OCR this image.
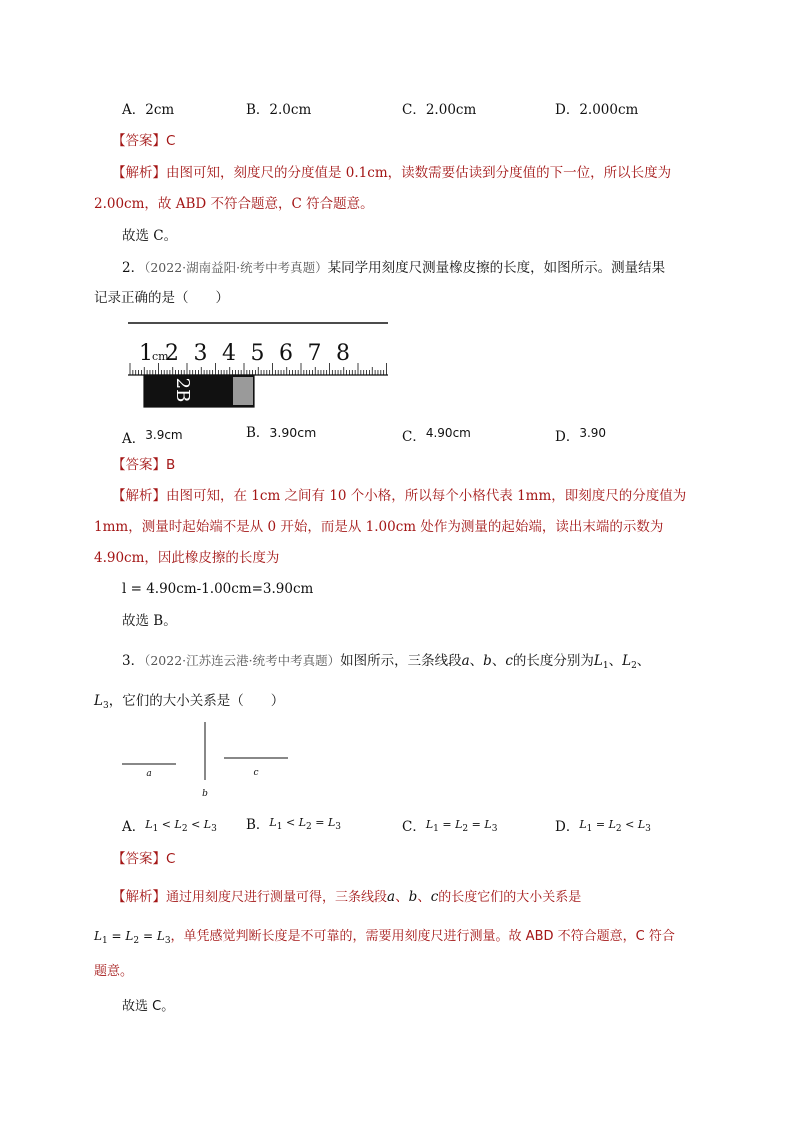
A．2cm	B．2.0cm	C．2.00cm	D．2.000cm
【答案】C
【解析】由图可知，刻度尺的分度值是 0.1cm，读数需要估读到分度值的下一位，所以长度为
2.00cm，故 ABD 不符合题意，C 符合题意。
故选 C。
2．（2022·湖南益阳·统考中考真题）某同学用刻度尺测量橡皮擦的长度，如图所示。测量结果
记录正确的是（　　）
1 cm
2 3 4 5 6 7 8
2B
A．3.9cm	B．3.90cm	C．4.90cm	D．3.90
【答案】B
【解析】由图可知，在 1cm 之间有 10 个小格，所以每个小格代表 1mm，即刻度尺的分度值为
1mm，测量时起始端不是从 0 开始，而是从 1.00cm 处作为测量的起始端，读出末端的示数为
4.90cm，因此橡皮擦的长度为
l = 4.90cm-1.00cm=3.90cm
故选 B。
3．（2022·江苏连云港·统考中考真题）如图所示，三条线段a、b、c的长度分别为$L_1$、$L_2$、
$L_3$，它们的大小关系是（　　）
a
b
c
A．$^{L_1 < L_2 < L_3}$ B．$^{L_1 < L_2 = L_3}$	C．$^{L_1 = L_2 = L_3}$	D．$^{L_1 = L_2 < L_3}$
【答案】C
【解析】通过用刻度尺进行测量可得，三条线段a、b、c的长度它们的大小关系是
$L_1 = L_2 = L_3$，单凭感觉判断长度是不可靠的，需要用刻度尺进行测量。故 ABD 不符合题意，C 符合
题意。
故选 C。
